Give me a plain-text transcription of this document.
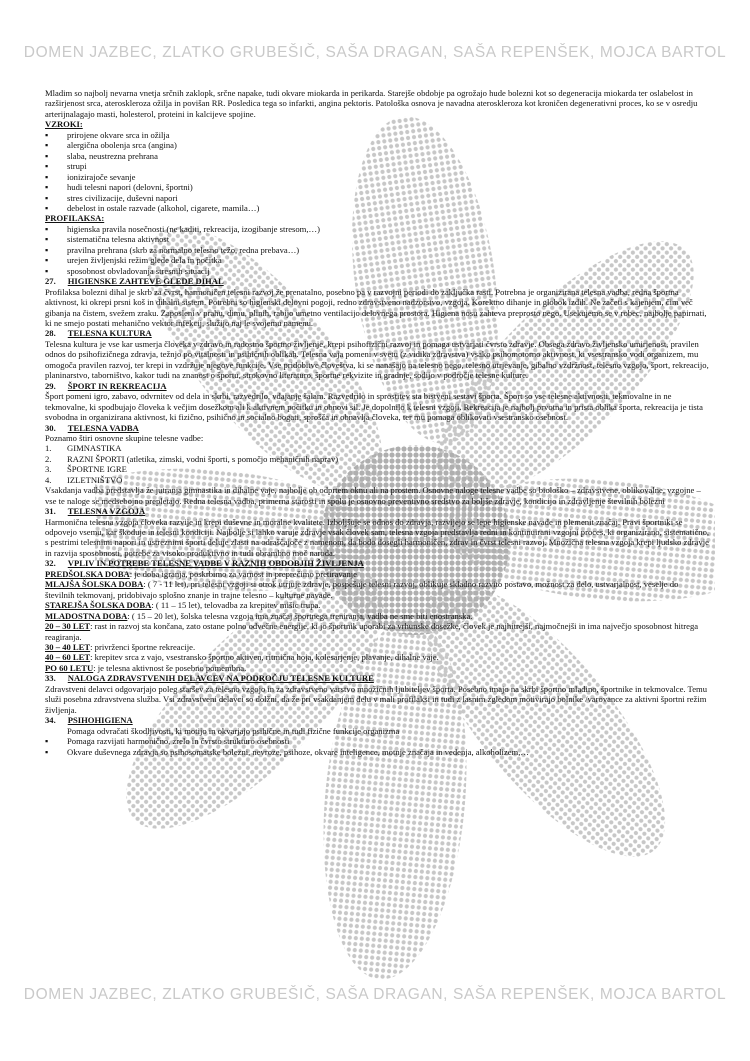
DOMEN JAZBEC, ZLATKO GRUBEŠIČ, SAŠA DRAGAN, SAŠA REPENŠEK, MOJCA BARTOL

Mladim so najbolj nevarna vnetja srčnih zaklopk, srčne napake, tudi okvare miokarda in perikarda. Starejše obdobje pa ogrožajo hude bolezni kot so degeneracija miokarda ter oslabelost in razširjenost srca, ateroskleroza ožilja in povišan RR. Posledica tega so infarkti, angina pektoris. Patološka osnova je navadna ateroskleroza kot kroničen degenerativni proces, ko se v osredju arterijnalagajo masti, holesterol, proteini in kalcijeve spojine.

VZROKI:

▪ prirojene okvare srca in ožilja
▪ alergična obolenja srca (angina)
▪ slaba, neustrezna prehrana
▪ strupi
▪ ionizirajoče sevanje
▪ hudi telesni napori (delovni, športni)
▪ stres civilizacije, duševni napori
▪ debelost in ostale razvade (alkohol, cigarete, mamila…)

PROFILAKSA:

▪ higienska pravila nosečnosti (ne kaditi, rekreacija, izogibanje stresom,…)
▪ sistematična telesna aktivnost
▪ pravilna prehrana (skrb za normalno telesno težo, redna prebava…)
▪ urejen življenjski režim glede dela in počitka
▪ sposobnost obvladovanja stresnih situacij

27. HIGIENSKE ZAHTEVE GLEDE DIHAL

Profilaksa bolezni dihal je skrb za čvrst, harmoničen telesni razvoj že prenatalno, posebno pa v razvojni periodi do zaključka rasti. Potrebna je organizirana telesna vadba, redna športna aktivnost, ki okrepi prsni koš in dihalni sistem. Potrebni so higienski delovni pogoji, redno zdravstveno nadzorstvo, vzgoja. Korektno dihanje in globok izdih. Ne začeti s kajenjem, čim več gibanja na čistem, svežem zraku. Zaposleni v prahu, dimu, plinih, rabijo umetno ventilacijo delovnega prostora. Higiena nosu zahteva preprosto nego. Usekujemo se v robec, najbolje papirnati, ki ne smejo postati mehanično vektor infekcij, služijo naj le svojemu namenu.

28. TELESNA KULTURA

Telesna kultura je vse kar usmerja človeka v zdravo in radostno športno življenje, krepi psihofizični razvoj in pomaga ustvarjati čvrsto zdravje. Obsega zdravo življensko umirjenost, pravilen odnos do psihofizičnega zdravja, težnjo po vitalnosti in psihičnih oblikah. Telesna vaja pomeni v svetu (z vidika zdravstva) vsako psihomotorno aktivnost, ki vsestransko vodi organizem, mu omogoča pravilen razvoj, ter krepi in vzdržuje njegove funkcije. Vse pridobitve človeštva, ki se nanašajo na telesno nego, telesno utrjevanje, gibalno vzdržnost, telesno vzgojo, šport, rekreacijo, planinarstvo, taborništvo, kakor tudi na znanost o športu, strokovno literaturo, športne rekvizite in gradnje, sodijo v področje telesne kulture.

29. ŠPORT IN REKREACIJA

Šport pomeni igro, zabavo, odvrnitev od dela in skrbi, razvedrilo, vdajanje šalam. Razvedrilo in sprostitev sta bistveni sestavi športa. Šport so vse telesne aktivnosti, tekmovalne in ne tekmovalne, ki spodbujajo človeka k večjim dosežkom ali k aktivnem počitku in obnovi sil. Je dopolnilo k telesni vzgoji. Rekreacija je najbolj prvotna in prista oblika športa, rekreacija je tista svobodna in organizirana aktivnost, ki fizično, psihično in socialno bogati, sprošča in obnavlja človeka, ter mu pomaga oblikovati vsestransko osebnost.

30. TELESNA VADBA

Poznamo štiri osnovne skupine telesne vadbe:

1. GIMNASTIKA
2. RAZNI ŠPORTI (atletika, zimski, vodni športi, s pomočjo mehaničnih naprav)
3. ŠPORTNE IGRE
4. IZLETNIŠTVO

Vsakdanja vadba predstavlja že jutranja gimnastika in dihalne vaje, najbolje ob odprtem oknu ali na prostem. Osnovne naloge telesne vadbe so biološko – zdravstvene, oblikovalne, vzgojne – vse te naloge se medsebojno prepletajo. Redna telesna vadba, primerna starosti in spolu je osnovno preventivno sredstvo za boljše zdravje, kondicijo in zdravljenje številnih bolezni

31. TELESNA VZGOJA

Harmonična telesna vzgoja človeka razvije in krepi duševne in moralne kvalitete. Izboljšuje se odnos do zdravja, razvijejo se lepe higienske navade in plemenit značaj. Pravi športniki se odpovejo vsemu, kar škoduje in telesni kondiciji. Najbolje si lahko varuje zdravje vsak človek sam, telesna vzgoja predstavlja redni in kontinuirani vzgojni proces, ki organizirano, sistematično, s pestrimi telesnimi napori in ustreznimi športi deluje zlasti na odraščajoče z namenom, da bodo dosegli harmoničen, zdrav in čvrst telesni razvoj. Množična telesna vzgoja krepi ljudsko zdravje in razvija sposobnosti, potrebe za visoko produktivno in tudi obrambno moč naroda.

32. VPLIV IN POTREBE TELESNE VADBE V RAZNIH OBDOBJIH ŽIVLJENJA

PREDŠOLSKA DOBA: je doba igranja, poskrbimo za varnost in preprečimo pretiravanje

MLAJŠA ŠOLSKA DOBA: ( 7 - 11 let), pri telesni vzgoji si otrok utrjuje zdravje, pospešuje telesni razvoj, oblikuje skladno razvito postavo, možnost za delo, ustvarjalnost, veselje do številnih tekmovanj, pridobivajo splošno znanje in trajne telesno – kulturne navade.

STAREJŠA ŠOLSKA DOBA: ( 11 – 15 let), telovadba za krepitev mišic trupa.

MLADOSTNA DOBA: ( 15 – 20 let), šolska telesna vzgoja ima značaj športnega treniranja, vadba ne sme biti enostranska.

20 – 30 LET: rast in razvoj sta končana, zato ostane polno odvečne energije, ki jo športnik uporabi za vrhunske dosežke, človek je najhitrejši, najmočnejši in ima največjo sposobnost hitrega reagiranja.

30 – 40 LET: privrženci športne rekreacije.

40 – 60 LET: krepitev srca z vajo, vsestransko športno aktiven, ritmična hoja, kolesarjenje, plavanje, dihalne vaje.

PO 60 LETU: je telesna aktivnost še posebno pomembna.

33. NALOGA ZDRAVSTVENIH DELAVCEV NA PODROČJU TELESNE KULTURE

Zdravstveni delavci odgovarjajo poleg staršev za telesno vzgojo in za zdravstveno varstvo množičnih ljubiteljev športa. Posebno imajo na skrbi športno mladino, športnike in tekmovalce. Temu služi posebna zdravstvena služba. Vsi zdravstveni delavci so dolžni, da že pri vsakdanjem delu v mali profilaksi in tudi z lasnim zgledom motivirajo bolnike /varovance za aktivni športni režim življenja.

34. PSIHOHIGIENA

Pomaga odvračati škodljivosti, ki motijo in okvarjajo psihične in tudi fizične funkcije organizma

▪ Pomaga razvijati harmonično, zrelo in čvrsto strukturo osebnosti
▪ Okvare duševnega zdravja so psihosomatske bolezni, nevroze, psihoze, okvare inteligence, motnje značaja in vedenja, alkoholizem,…
DOMEN JAZBEC, ZLATKO GRUBEŠIČ, SAŠA DRAGAN, SAŠA REPENŠEK, MOJCA BARTOL
